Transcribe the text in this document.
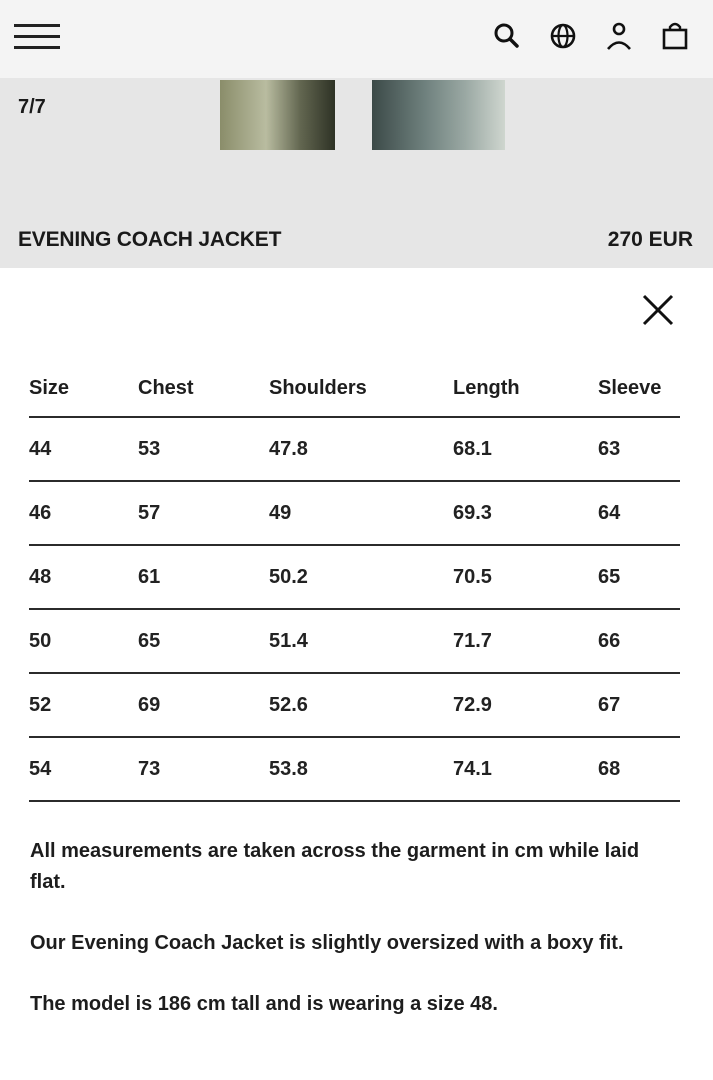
7/7
EVENING COACH JACKET	270 EUR
Size	Chest	Shoulders	Length	Sleeve
44	53	47.8	68.1	63
46	57	49	69.3	64
48	61	50.2	70.5	65
50	65	51.4	71.7	66
52	69	52.6	72.9	67
54	73	53.8	74.1	68

All measurements are taken across the garment in cm while laid flat.

Our Evening Coach Jacket is slightly oversized with a boxy fit.

The model is 186 cm tall and is wearing a size 48.
